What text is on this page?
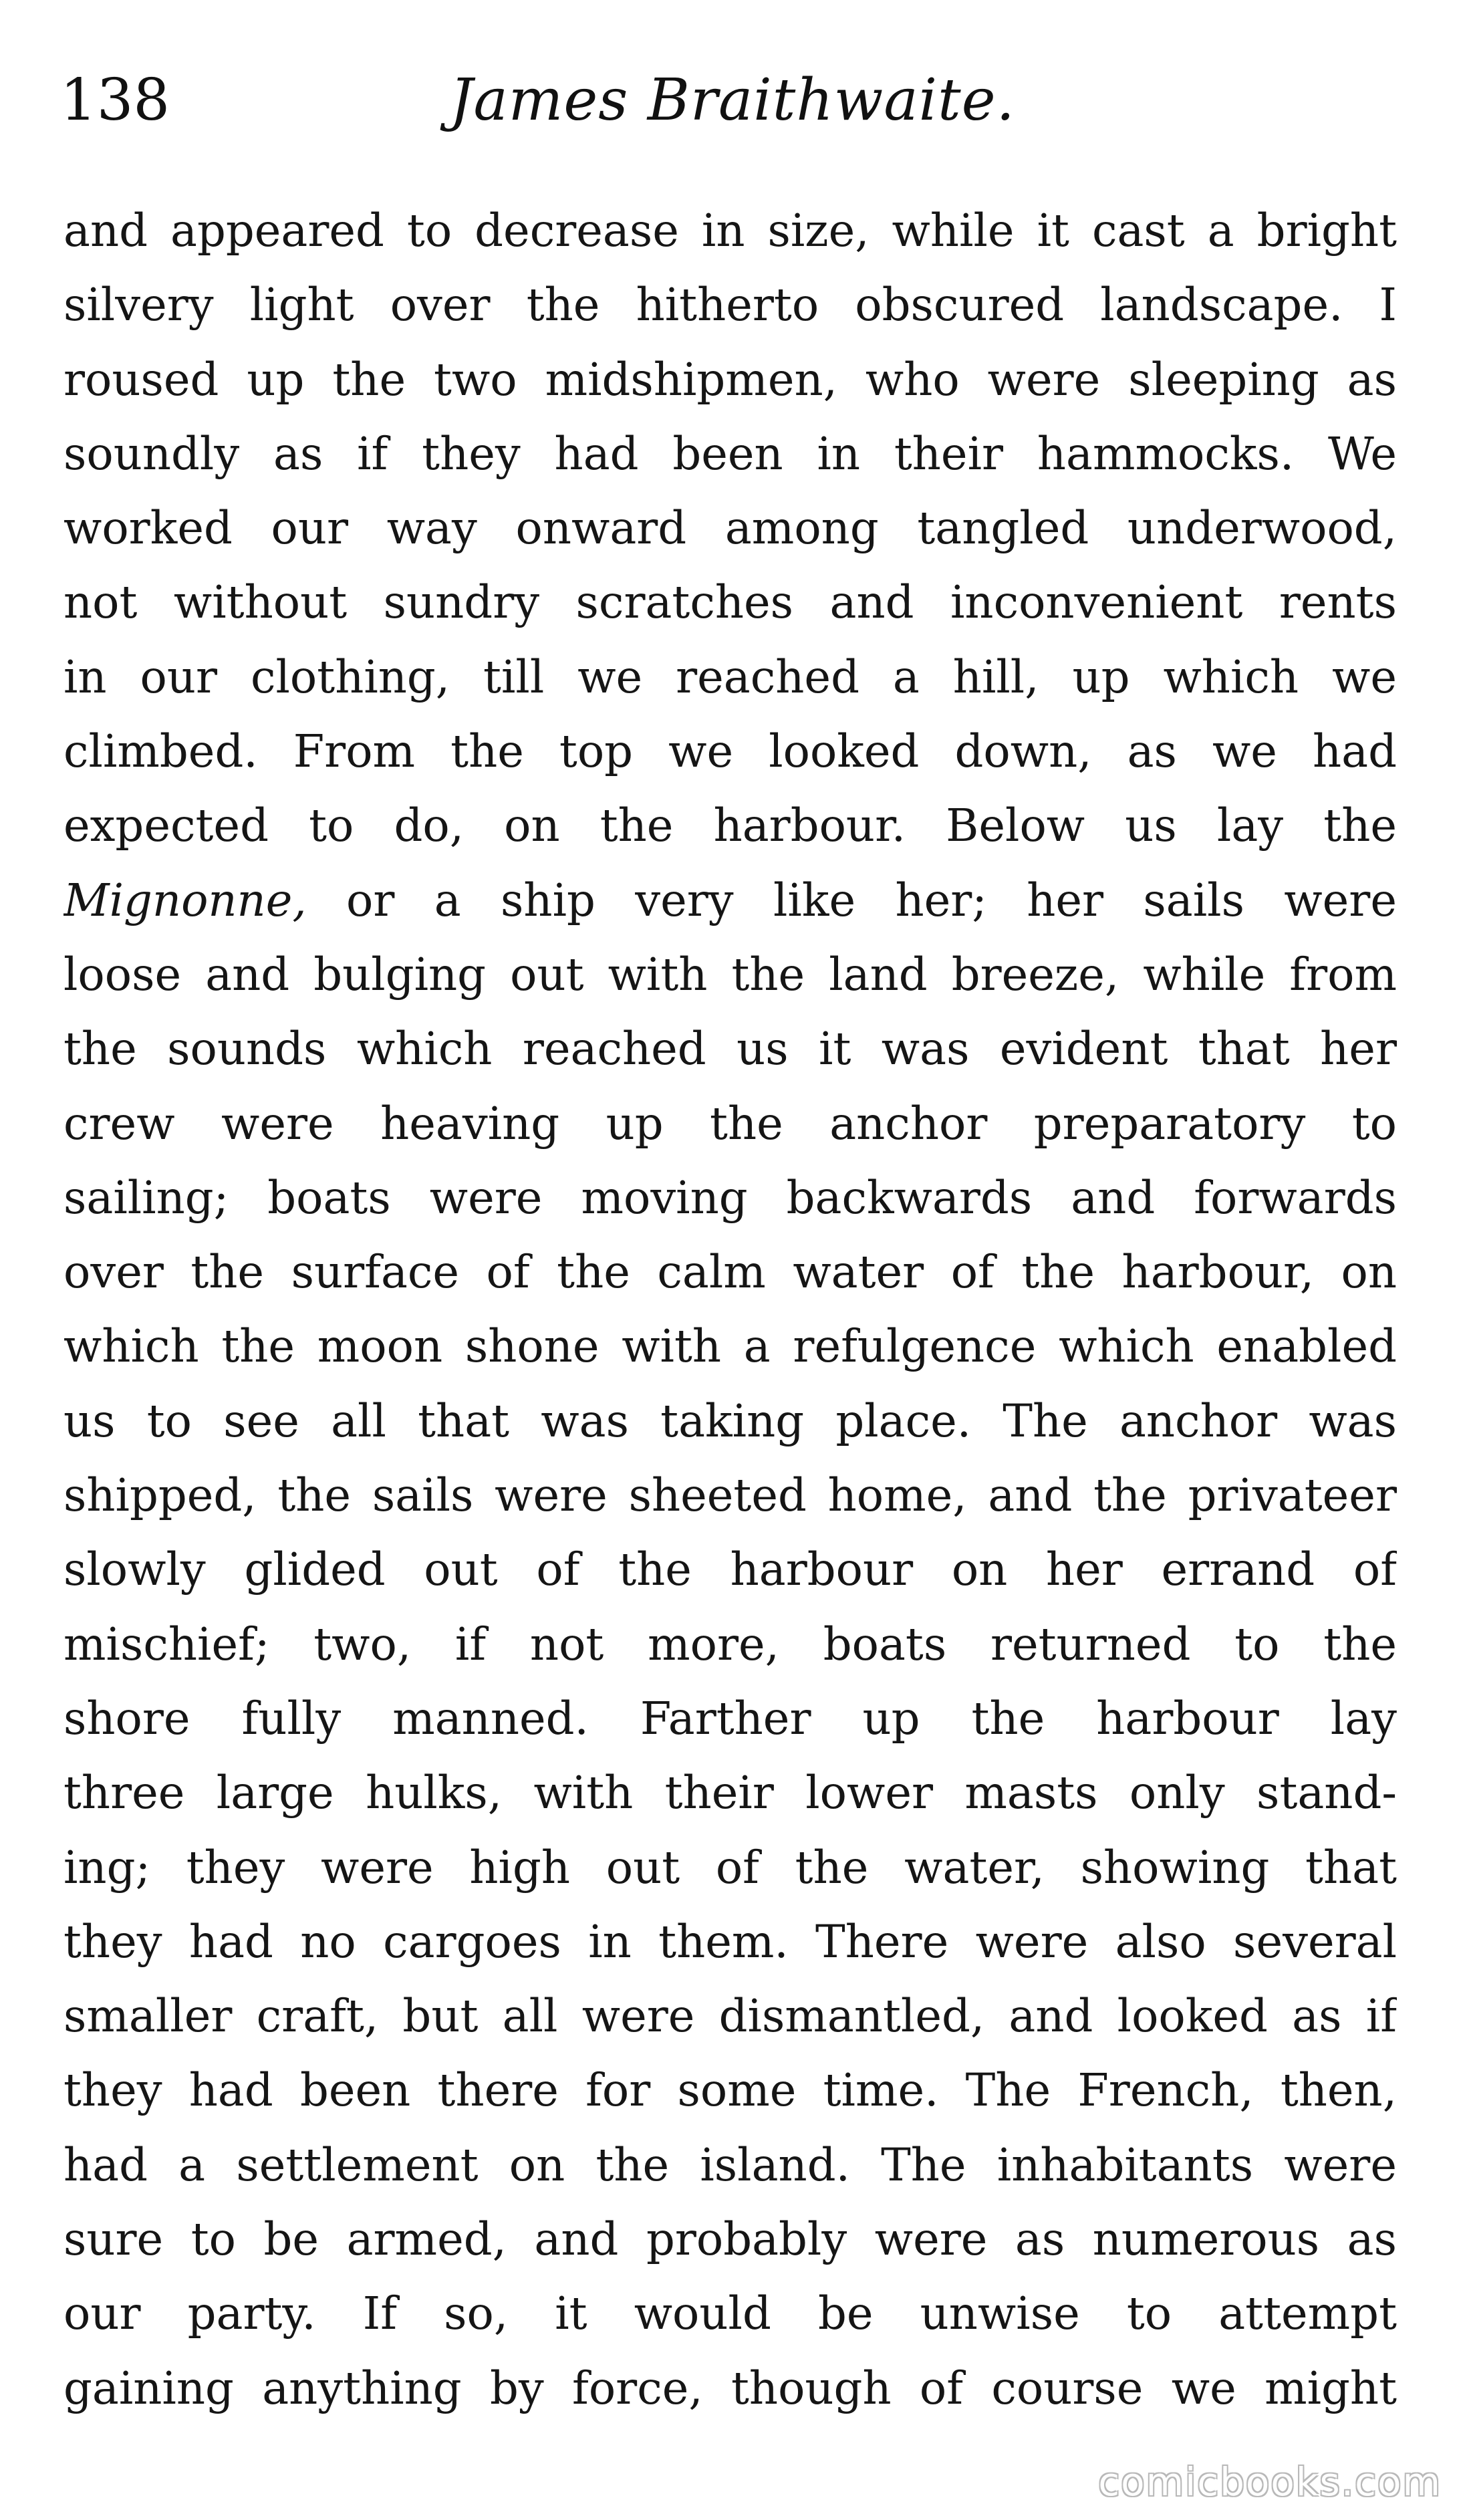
138	James Braithwaite.
and appeared to decrease in size, while it cast a bright
silvery light over the hitherto obscured landscape. I
roused up the two midshipmen, who were sleeping as
soundly as if they had been in their hammocks. We
worked our way onward among tangled underwood,
not without sundry scratches and inconvenient rents
in our clothing, till we reached a hill, up which we
climbed. From the top we looked down, as we had
expected to do, on the harbour. Below us lay the
Mignonne, or a ship very like her; her sails were
loose and bulging out with the land breeze, while from
the sounds which reached us it was evident that her
crew were heaving up the anchor preparatory to
sailing; boats were moving backwards and forwards
over the surface of the calm water of the harbour, on
which the moon shone with a refulgence which enabled
us to see all that was taking place. The anchor was
shipped, the sails were sheeted home, and the privateer
slowly glided out of the harbour on her errand of
mischief; two, if not more, boats returned to the
shore fully manned. Farther up the harbour lay
three large hulks, with their lower masts only stand-
ing; they were high out of the water, showing that
they had no cargoes in them. There were also several
smaller craft, but all were dismantled, and looked as if
they had been there for some time. The French, then,
had a settlement on the island. The inhabitants were
sure to be armed, and probably were as numerous as
our party. If so, it would be unwise to attempt
gaining anything by force, though of course we might
comicbooks.com
